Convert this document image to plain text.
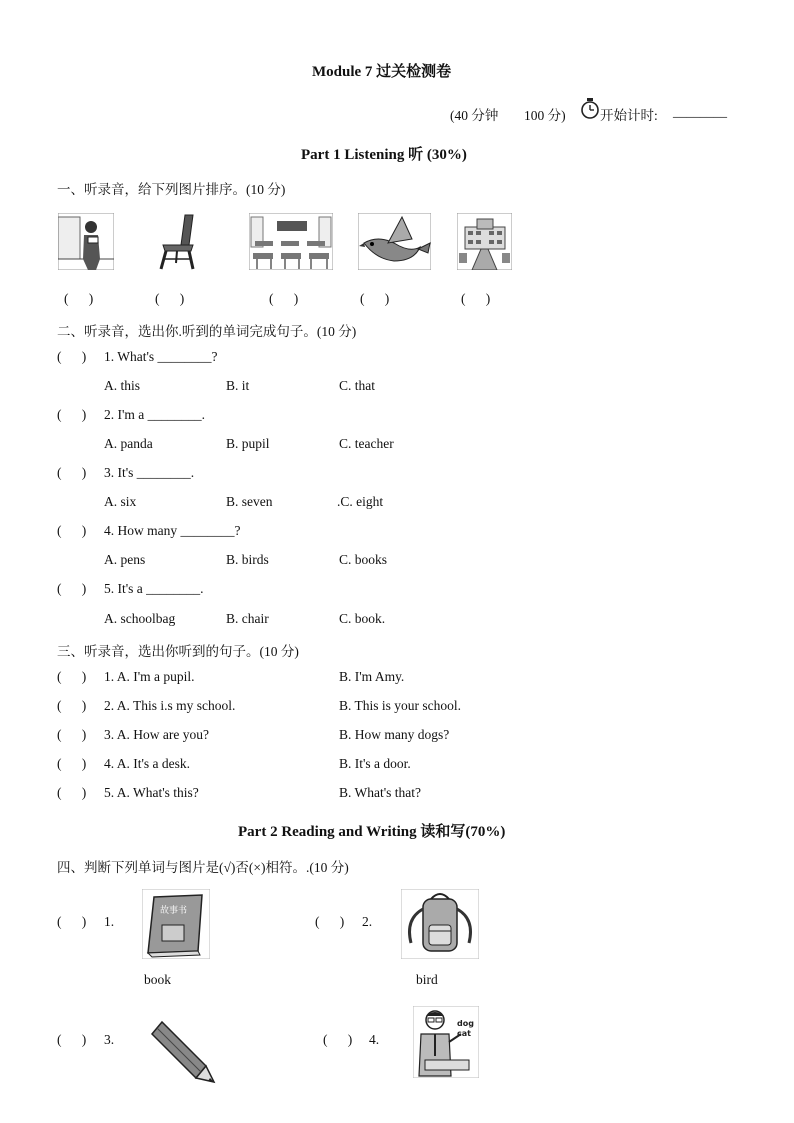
Module 7 过关检测卷
(40 分钟 100 分)	开始计时: ________
Part 1 Listening 听 (30%)
一、听录音，给下列图片排序。(10 分)
(      )	(      )	(      )	(      )	(      )
二、听录音，选出你.听到的单词完成句子。(10 分)
(      ) 1. What's ________?
A. this	B. it	C. that
(      ) 2. I'm a ________.
A. panda	B. pupil	C. teacher
(      ) 3. It's ________.
A. six	B. seven	.C. eight
(      ) 4. How many ________?
A. pens	B. birds	C. books
(      ) 5. It's a ________.
A. schoolbag	B. chair	C. book.
三、听录音，选出你听到的句子。(10 分)
(      ) 1. A. I'm a pupil.	B. I'm Amy.
(      ) 2. A. This i.s my school.	B. This is your school.
(      ) 3. A. How are you?	B. How many dogs?
(      ) 4. A. It's a desk.	B. It's a door.
(      ) 5. A. What's this?	B. What's that?
Part 2 Reading and Writing 读和写(70%)
四、判断下列单词与图片是(√)否(×)相符。.(10 分)
(      ) 1.
故事书
book
(      ) 2.
bird
(      ) 3.	(      ) 4.
dog
cat
